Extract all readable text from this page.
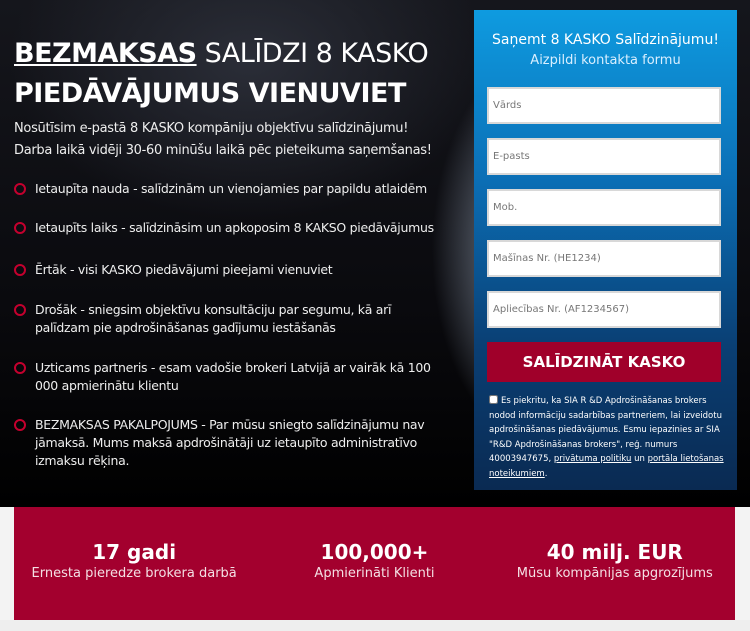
BEZMAKSAS SALĪDZI 8 KASKO
PIEDĀVĀJUMUS VIENUVIET
Nosūtīsim e-pastā 8 KASKO kompāniju objektīvu salīdzinājumu!
Darba laikā vidēji 30-60 minūšu laikā pēc pieteikuma saņemšanas!
Ietaupīta nauda - salīdzinām un vienojamies par papildu atlaidēm
Ietaupīts laiks - salīdzināsim un apkoposim 8 KAKSO piedāvājumus
Ērtāk - visi KASKO piedāvājumi pieejami vienuviet
Drošāk - sniegsim objektīvu konsultāciju par segumu, kā arī palīdzam pie apdrošināšanas gadījumu iestāšanās
Uzticams partneris - esam vadošie brokeri Latvijā ar vairāk kā 100 000 apmierinātu klientu
BEZMAKSAS PAKALPOJUMS - Par mūsu sniegto salīdzinājumu nav jāmaksā. Mums maksā apdrošinātāji uz ietaupīto administratīvo izmaksu rēķina.
Saņemt 8 KASKO Salīdzinājumu!
Aizpildi kontakta formu
Vārds
E-pasts
Mob.
Mašīnas Nr. (HE1234)
Apliecības Nr. (AF1234567)
SALĪDZINĀT KASKO
Es piekritu, ka SIA R &D Apdrošināšanas brokers nodod informāciju sadarbības partneriem, lai izveidotu apdrošināšanas piedāvājumus. Esmu iepazinies ar SIA "R&D Apdrošināšanas brokers", reģ. numurs 40003947675, privātuma politiku un portāla lietošanas noteikumiem.
17 gadi
Ernesta pieredze brokera darbā
100,000+
Apmierināti Klienti
40 milj. EUR
Mūsu kompānijas apgrozījums
